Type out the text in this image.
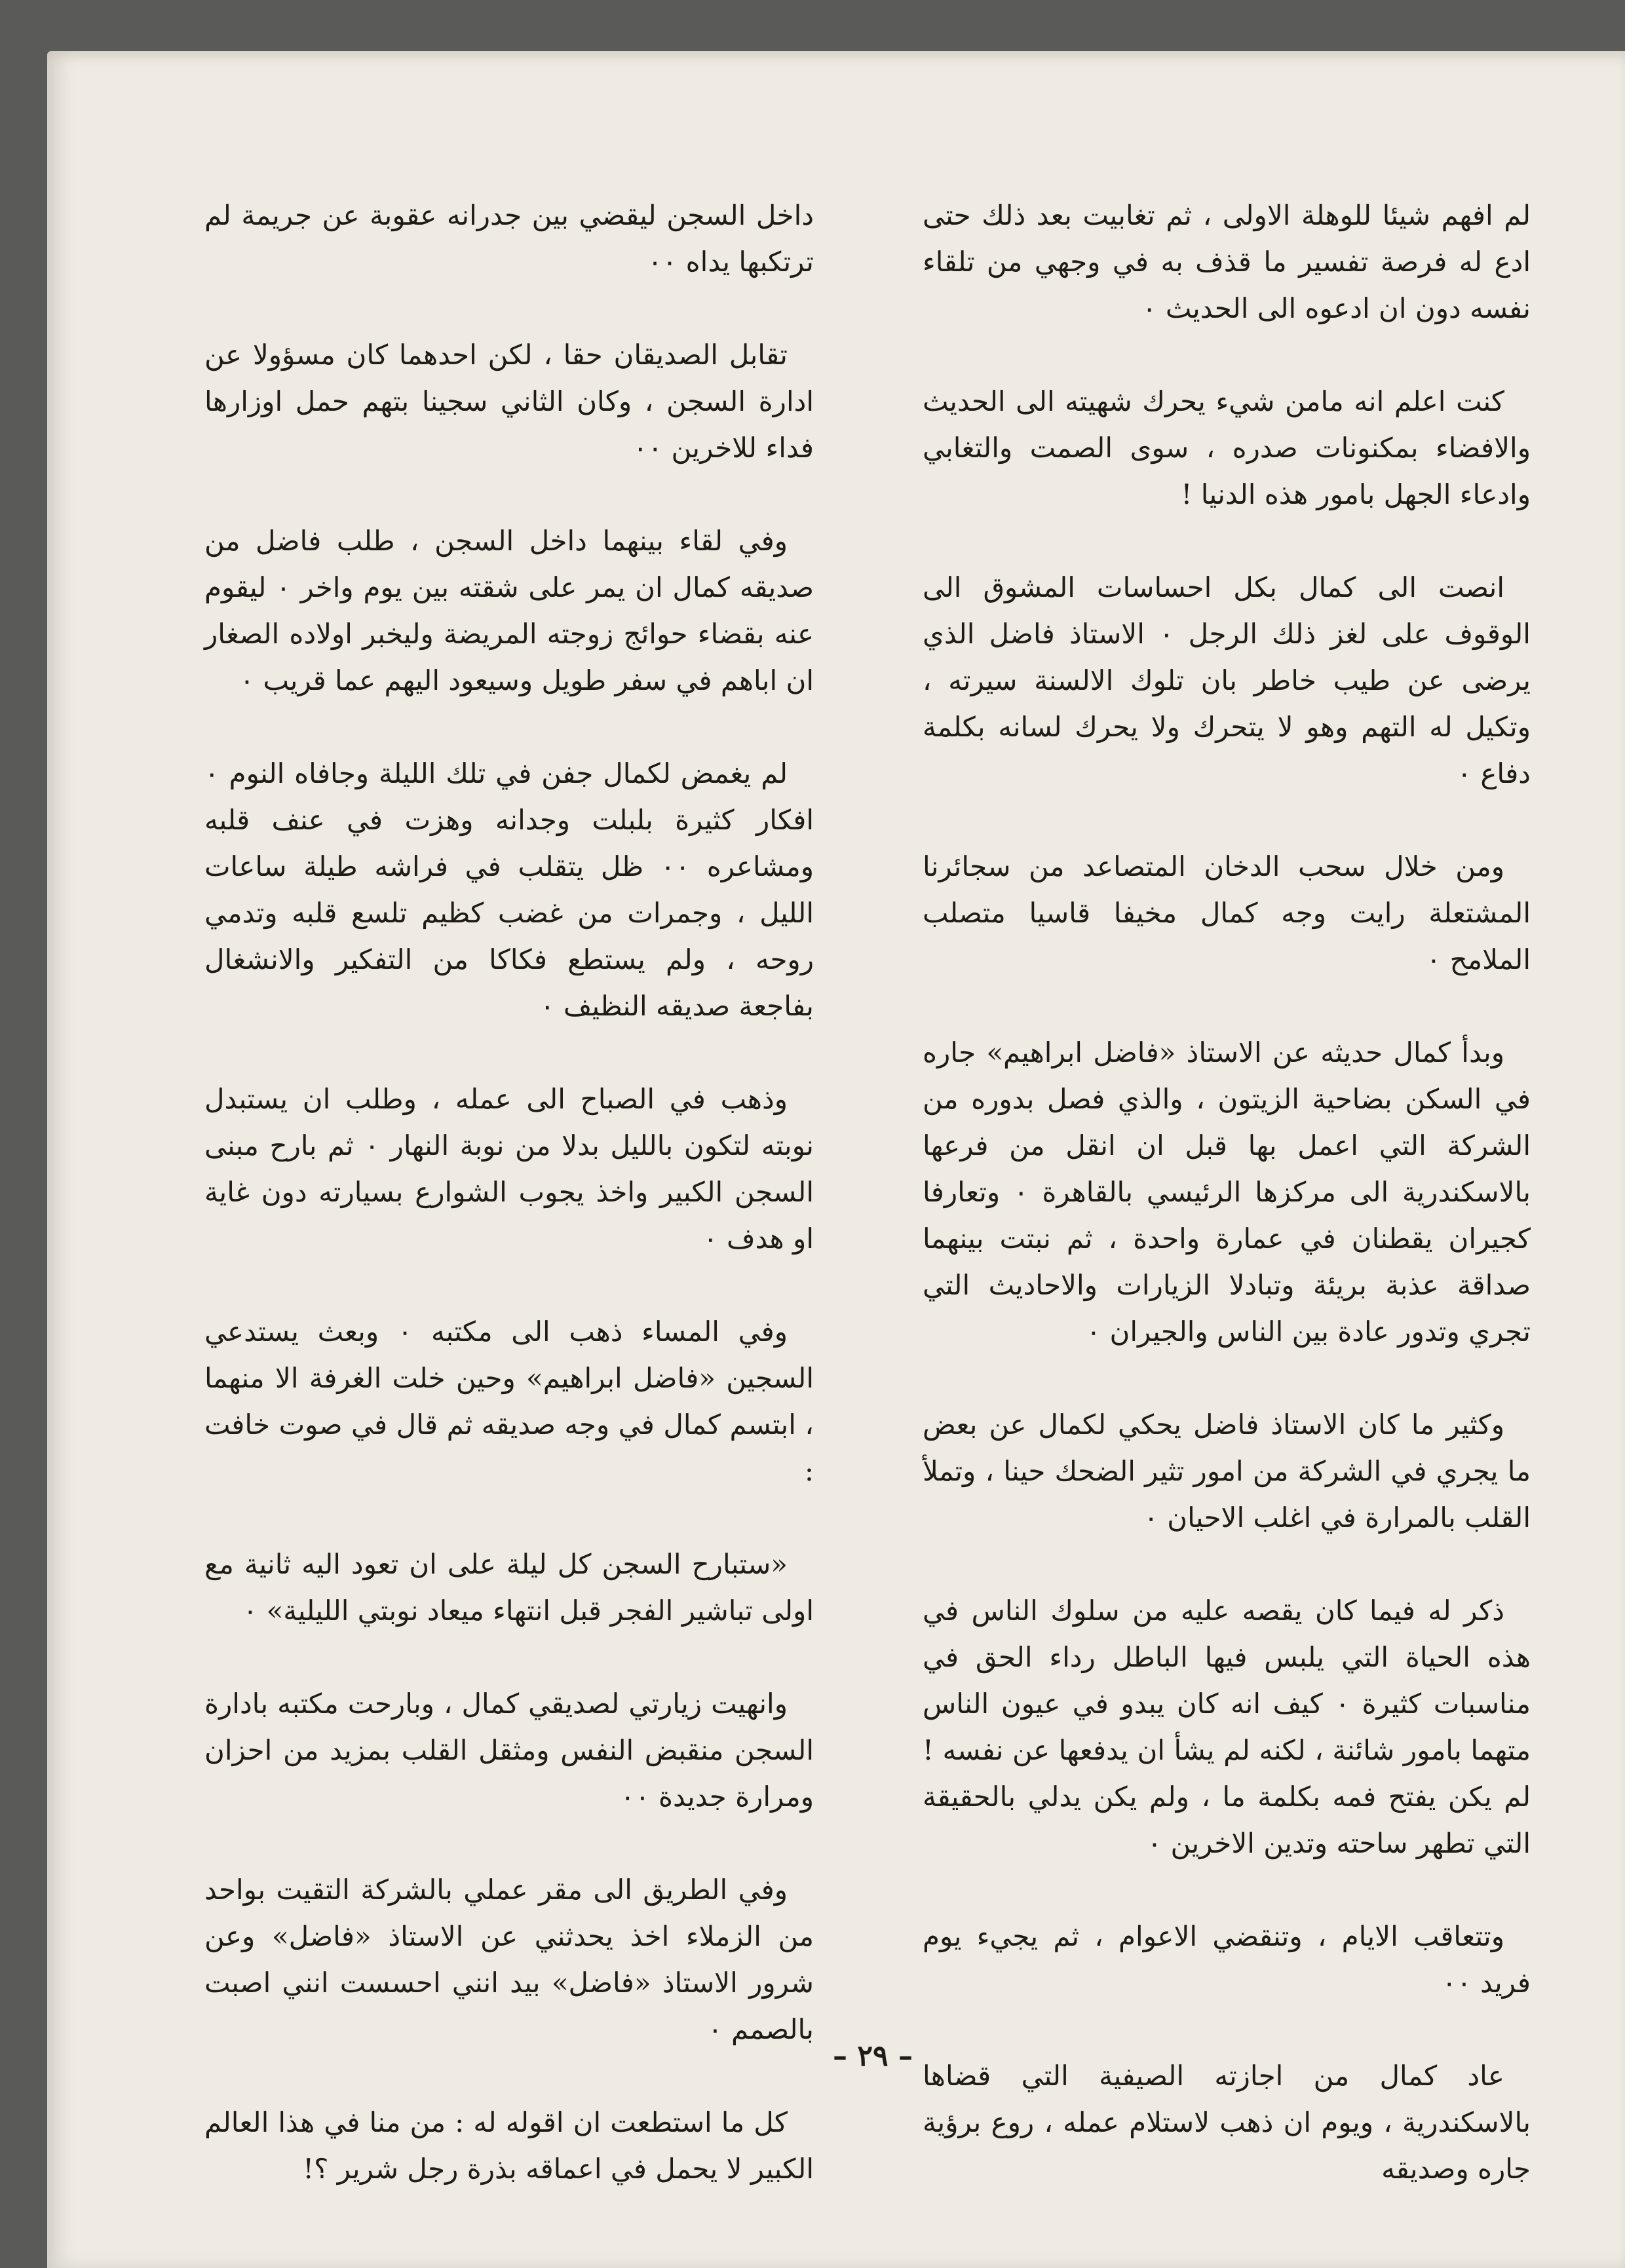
لم افهم شيئا للوهلة الاولى ، ثم تغابيت بعد ذلك حتى ادع له فرصة تفسير ما قذف به في وجهي من تلقاء نفسه دون ان ادعوه الى الحديث ٠

كنت اعلم انه مامن شيء يحرك شهيته الى الحديث والافضاء بمكنونات صدره ، سوى الصمت والتغابي وادعاء الجهل بامور هذه الدنيا !

انصت الى كمال بكل احساسات المشوق الى الوقوف على لغز ذلك الرجل ٠ الاستاذ فاضل الذي يرضى عن طيب خاطر بان تلوك الالسنة سيرته ، وتكيل له التهم وهو لا يتحرك ولا يحرك لسانه بكلمة دفاع ٠

ومن خلال سحب الدخان المتصاعد من سجائرنا المشتعلة رايت وجه كمال مخيفا قاسيا متصلب الملامح ٠

وبدأ كمال حديثه عن الاستاذ «فاضل ابراهيم» جاره في السكن بضاحية الزيتون ، والذي فصل بدوره من الشركة التي اعمل بها قبل ان انقل من فرعها بالاسكندرية الى مركزها الرئيسي بالقاهرة ٠ وتعارفا كجيران يقطنان في عمارة واحدة ، ثم نبتت بينهما صداقة عذبة بريئة وتبادلا الزيارات والاحاديث التي تجري وتدور عادة بين الناس والجيران ٠

وكثير ما كان الاستاذ فاضل يحكي لكمال عن بعض ما يجري في الشركة من امور تثير الضحك حينا ، وتملأ القلب بالمرارة في اغلب الاحيان ٠

ذكر له فيما كان يقصه عليه من سلوك الناس في هذه الحياة التي يلبس فيها الباطل رداء الحق في مناسبات كثيرة ٠ كيف انه كان يبدو في عيون الناس متهما بامور شائنة ، لكنه لم يشأ ان يدفعها عن نفسه ! لم يكن يفتح فمه بكلمة ما ، ولم يكن يدلي بالحقيقة التي تطهر ساحته وتدين الاخرين ٠

وتتعاقب الايام ، وتنقضي الاعوام ، ثم يجيء يوم فريد ٠٠

عاد كمال من اجازته الصيفية التي قضاها بالاسكندرية ، ويوم ان ذهب لاستلام عمله ، روع برؤية جاره وصديقه

داخل السجن ليقضي بين جدرانه عقوبة عن جريمة لم ترتكبها يداه ٠٠

تقابل الصديقان حقا ، لكن احدهما كان مسؤولا عن ادارة السجن ، وكان الثاني سجينا بتهم حمل اوزارها فداء للاخرين ٠٠

وفي لقاء بينهما داخل السجن ، طلب فاضل من صديقه كمال ان يمر على شقته بين يوم واخر ٠ ليقوم عنه بقضاء حوائج زوجته المريضة وليخبر اولاده الصغار ان اباهم في سفر طويل وسيعود اليهم عما قريب ٠

لم يغمض لكمال جفن في تلك الليلة وجافاه النوم ٠ افكار كثيرة بلبلت وجدانه وهزت في عنف قلبه ومشاعره ٠٠ ظل يتقلب في فراشه طيلة ساعات الليل ، وجمرات من غضب كظيم تلسع قلبه وتدمي روحه ، ولم يستطع فكاكا من التفكير والانشغال بفاجعة صديقه النظيف ٠

وذهب في الصباح الى عمله ، وطلب ان يستبدل نوبته لتكون بالليل بدلا من نوبة النهار ٠ ثم بارح مبنى السجن الكبير واخذ يجوب الشوارع بسيارته دون غاية او هدف ٠

وفي المساء ذهب الى مكتبه ٠ وبعث يستدعي السجين «فاضل ابراهيم» وحين خلت الغرفة الا منهما ، ابتسم كمال في وجه صديقه ثم قال في صوت خافت :

«ستبارح السجن كل ليلة على ان تعود اليه ثانية مع اولى تباشير الفجر قبل انتهاء ميعاد نوبتي الليلية» ٠

وانهيت زيارتي لصديقي كمال ، وبارحت مكتبه بادارة السجن منقبض النفس ومثقل القلب بمزيد من احزان ومرارة جديدة ٠٠

وفي الطريق الى مقر عملي بالشركة التقيت بواحد من الزملاء اخذ يحدثني عن الاستاذ «فاضل» وعن شرور الاستاذ «فاضل» بيد انني احسست انني اصبت بالصمم ٠

كل ما استطعت ان اقوله له : من منا في هذا العالم الكبير لا يحمل في اعماقه بذرة رجل شرير ؟!

– ٢٩ –
